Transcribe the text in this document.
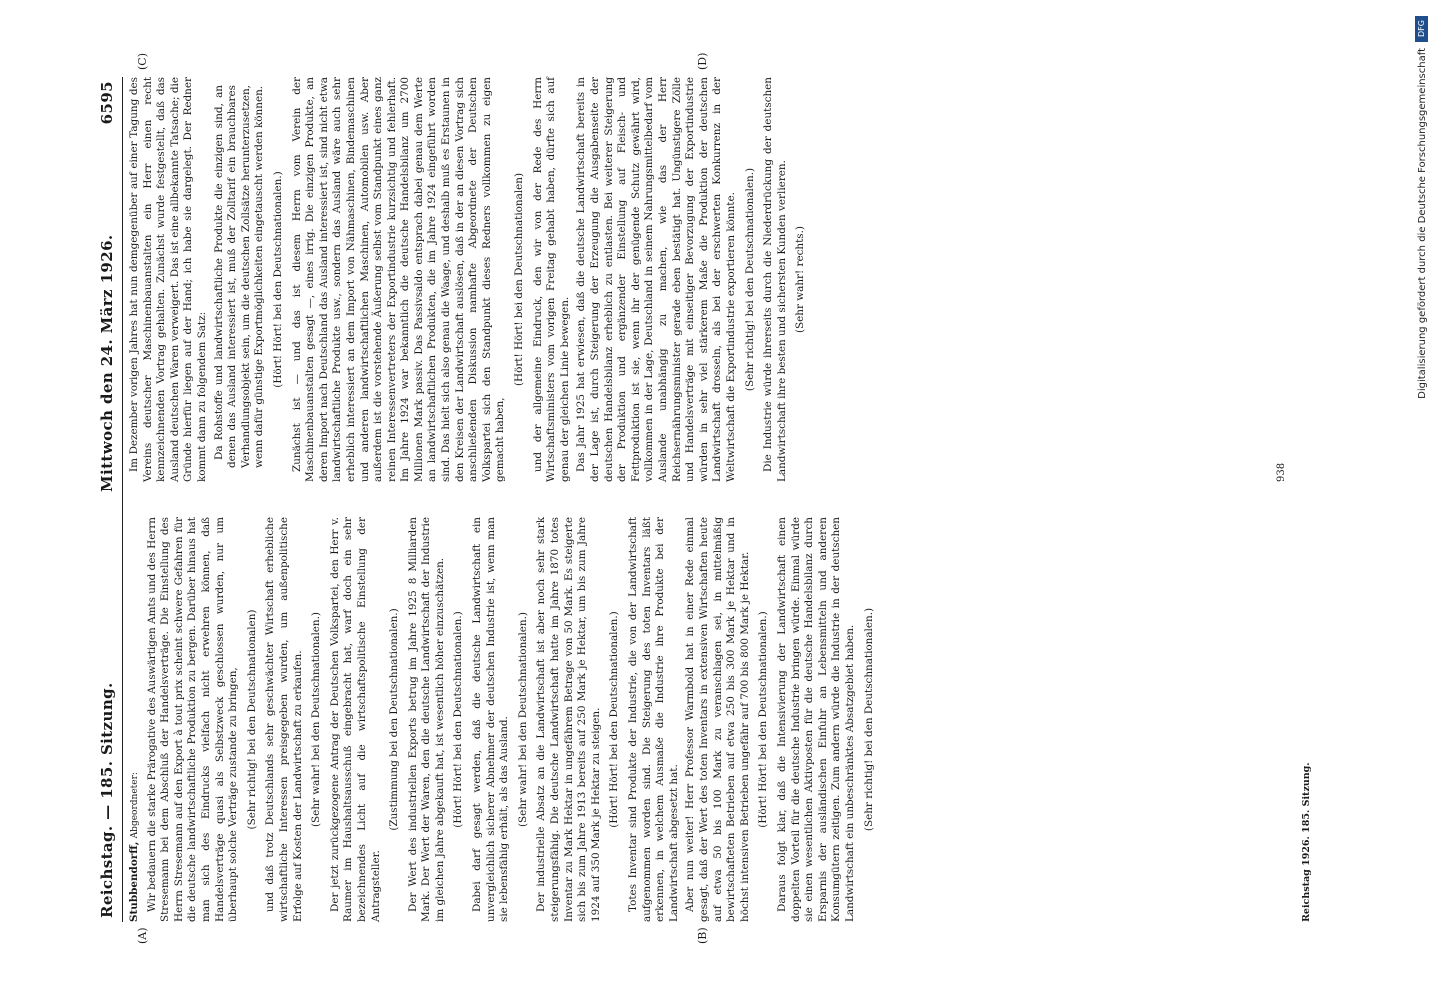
Reichstag. — 185. Sitzung.
Mittwoch den 24. März 1926.
6595
(A)	(B)
(C)	(D)

Stubbendorff, Abgeordneter: Wir bedauern die starke Prärogative des Auswärtigen Amts und des Herrn Stresemann bei dem Abschluß der Handelsverträge. Die Einstellung des Herrn Stresemann auf den Export à tout prix scheint schwere Gefahren für die deutsche landwirtschaftliche Produktion zu bergen. Darüber hinaus hat man sich des Eindrucks vielfach nicht erwehren können, daß Handelsverträge quasi als Selbstzweck geschlossen wurden, nur um überhaupt solche Verträge zustande zu bringen, (Sehr richtig! bei den Deutschnationalen) und daß trotz Deutschlands sehr geschwächter Wirtschaft erhebliche wirtschaftliche Interessen preisgegeben wurden, um außenpolitische Erfolge auf Kosten der Landwirtschaft zu erkaufen. (Sehr wahr! bei den Deutschnationalen.) Der jetzt zurückgezogene Antrag der Deutschen Volkspartei, den Herr v. Raumer im Haushaltsausschuß eingebracht hat, warf doch ein sehr bezeichnendes Licht auf die wirtschaftspolitische Einstellung der Antragsteller.

(Zustimmung bei den Deutschnationalen.) Der Wert des industriellen Exports betrug im Jahre 1925 8 Milliarden Mark. Der Wert der Waren, den die deutsche Landwirtschaft der Industrie im gleichen Jahre abgekauft hat, ist wesentlich höher einzuschätzen. (Hört! Hört! bei den Deutschnationalen.) Dabei darf gesagt werden, daß die deutsche Landwirtschaft ein unvergleichlich sicherer Abnehmer der deutschen Industrie ist, wenn man sie lebensfähig erhält, als das Ausland. (Sehr wahr! bei den Deutschnationalen.) Der industrielle Absatz an die Landwirtschaft ist aber noch sehr stark steigerungsfähig. Die deutsche Landwirtschaft hatte im Jahre 1870 totes Inventar zu Mark Hektar in ungefährem Betrage von 50 Mark. Es steigerte sich bis zum Jahre 1913 bereits auf 250 Mark je Hektar, um bis zum Jahre 1924 auf 350 Mark je Hektar zu steigen. (Hört! Hört! bei den Deutschnationalen.) Totes Inventar sind Produkte der Industrie, die von der Landwirtschaft aufgenommen worden sind. Die Steigerung des toten Inventars läßt erkennen, in welchem Ausmaße die Industrie ihre Produkte bei der Landwirtschaft abgesetzt hat. Aber nun weiter! Herr Professor Warmbold hat in einer Rede einmal gesagt, daß der Wert des toten Inventars in extensiven Wirtschaften heute auf etwa 50 bis 100 Mark zu veranschlagen sei, in mittelmäßig bewirtschafteten Betrieben auf etwa 250 bis 300 Mark je Hektar und in höchst intensiven Betrieben ungefähr auf 700 bis 800 Mark je Hektar. (Hört! Hört! bei den Deutschnationalen.) Daraus folgt klar, daß die Intensivierung der Landwirtschaft einen doppelten Vorteil für die deutsche Industrie bringen würde. Einmal würde sie einen wesentlichen Aktivposten für die deutsche Handelsbilanz durch Ersparnis der ausländischen Einfuhr an Lebensmitteln und anderen Konsumgütern zeitigen. Zum andern würde die Industrie in der deutschen Landwirtschaft ein unbeschränktes Absatzgebiet haben. (Sehr richtig! bei den Deutschnationalen.)

Im Dezember vorigen Jahres hat nun demgegenüber auf einer Tagung des Vereins deutscher Maschinenbauanstalten ein Herr einen recht kennzeichnenden Vortrag gehalten. Zunächst wurde festgestellt, daß das Ausland deutschen Waren verweigert. Das ist eine allbekannte Tatsache; die Gründe hierfür liegen auf der Hand; ich habe sie dargelegt. Der Redner kommt dann zu folgendem Satz: Da Rohstoffe und landwirtschaftliche Produkte die einzigen sind, an denen das Ausland interessiert ist, muß der Zolltarif ein brauchbares Verhandlungsobjekt sein, um die deutschen Zollsätze herunterzusetzen, wenn dafür günstige Exportmöglichkeiten eingetauscht werden können. (Hört! Hört! bei den Deutschnationalen.) Zunächst ist — und das ist diesem Herrn vom Verein der Maschinenbauanstalten gesagt —, eines irrig. Die einzigen Produkte, an deren Import nach Deutschland das Ausland interessiert ist, sind nicht etwa landwirtschaftliche Produkte usw., sondern das Ausland wäre auch sehr erheblich interessiert an dem Import von Nähmaschinen, Bindemaschinen und anderen landwirtschaftlichen Maschinen, Automobilen usw. Aber außerdem ist die vorstehende Äußerung selbst vom Standpunkt eines ganz reinen Interessenvertreters der Exportindustrie kurzsichtig und fehlerhaft. Im Jahre 1924 war bekanntlich die deutsche Handelsbilanz um 2700 Millionen Mark passiv. Das Passivsaldo entsprach dabei genau dem Werte an landwirtschaftlichen Produkten, die im Jahre 1924 eingeführt worden sind. Das hielt sich also genau die Waage, und deshalb muß es Erstaunen in den Kreisen der Landwirtschaft auslösen, daß in der an diesen Vortrag sich anschließenden Diskussion namhafte Abgeordnete der Deutschen Volkspartei sich den Standpunkt dieses Redners vollkommen zu eigen gemacht haben,

(Hört! Hört! bei den Deutschnationalen) und der allgemeine Eindruck, den wir von der Rede des Herrn Wirtschaftsministers vom vorigen Freitag gehabt haben, dürfte sich auf genau der gleichen Linie bewegen. Das Jahr 1925 hat erwiesen, daß die deutsche Landwirtschaft bereits in der Lage ist, durch Steigerung der Erzeugung die Ausgabenseite der deutschen Handelsbilanz erheblich zu entlasten. Bei weiterer Steigerung der Produktion und ergänzender Einstellung auf Fleisch- und Fettproduktion ist sie, wenn ihr der genügende Schutz gewährt wird, vollkommen in der Lage, Deutschland in seinem Nahrungsmittelbedarf vom Auslande unabhängig zu machen, wie das der Herr Reichsernährungsminister gerade eben bestätigt hat. Ungünstigere Zölle und Handelsverträge mit einseitiger Bevorzugung der Exportindustrie würden in sehr viel stärkerem Maße die Produktion der deutschen Landwirtschaft drosseln, als bei der erschwerten Konkurrenz in der Weltwirtschaft die Exportindustrie exportieren könnte. (Sehr richtig! bei den Deutschnationalen.) Die Industrie würde ihrerseits durch die Niederdrückung der deutschen Landwirtschaft ihre besten und sichersten Kunden verlieren. (Sehr wahr! rechts.)

938
Reichstag 1926. 185. Sitzung.
DFG
Digitalisierung gefördert durch die Deutsche Forschungsgemeinschaft
